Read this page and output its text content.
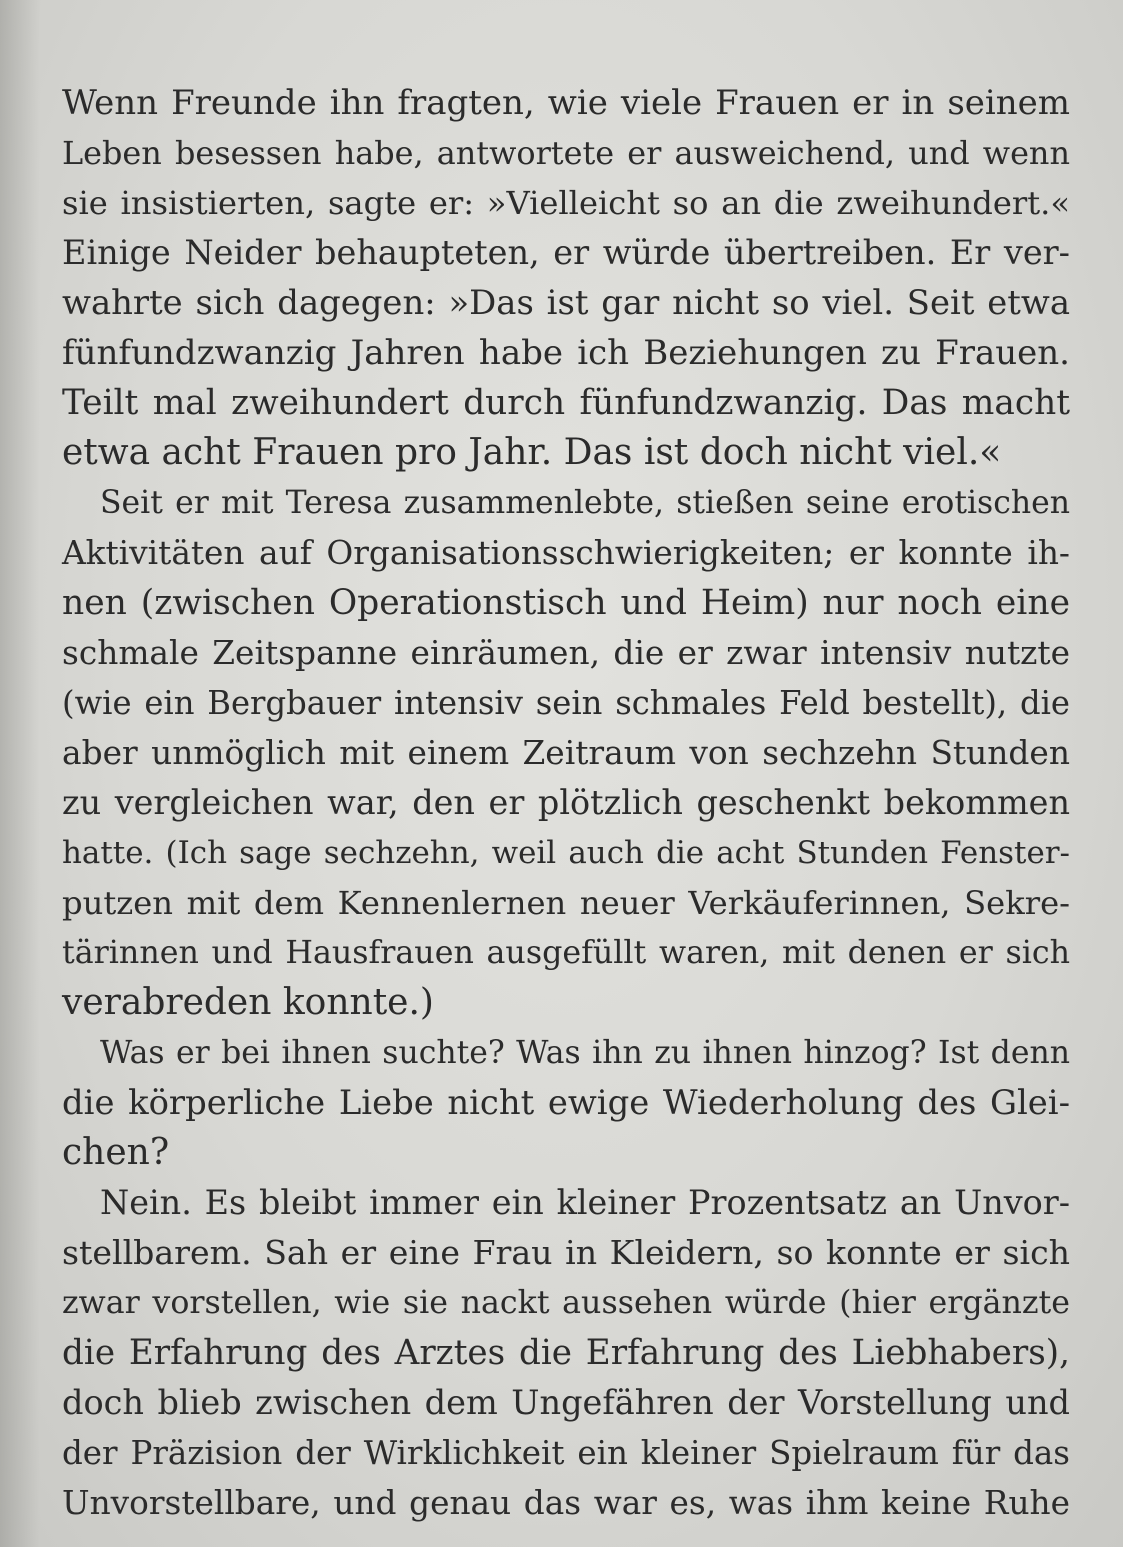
Wenn Freunde ihn fragten, wie viele Frauen er in seinem
Leben besessen habe, antwortete er ausweichend, und wenn
sie insistierten, sagte er: »Vielleicht so an die zweihundert.«
Einige Neider behaupteten, er würde übertreiben. Er ver-
wahrte sich dagegen: »Das ist gar nicht so viel. Seit etwa
fünfundzwanzig Jahren habe ich Beziehungen zu Frauen.
Teilt mal zweihundert durch fünfundzwanzig. Das macht
etwa acht Frauen pro Jahr. Das ist doch nicht viel.«
Seit er mit Teresa zusammenlebte, stießen seine erotischen
Aktivitäten auf Organisationsschwierigkeiten; er konnte ih-
nen (zwischen Operationstisch und Heim) nur noch eine
schmale Zeitspanne einräumen, die er zwar intensiv nutzte
(wie ein Bergbauer intensiv sein schmales Feld bestellt), die
aber unmöglich mit einem Zeitraum von sechzehn Stunden
zu vergleichen war, den er plötzlich geschenkt bekommen
hatte. (Ich sage sechzehn, weil auch die acht Stunden Fenster-
putzen mit dem Kennenlernen neuer Verkäuferinnen, Sekre-
tärinnen und Hausfrauen ausgefüllt waren, mit denen er sich
verabreden konnte.)
Was er bei ihnen suchte? Was ihn zu ihnen hinzog? Ist denn
die körperliche Liebe nicht ewige Wiederholung des Glei-
chen?
Nein. Es bleibt immer ein kleiner Prozentsatz an Unvor-
stellbarem. Sah er eine Frau in Kleidern, so konnte er sich
zwar vorstellen, wie sie nackt aussehen würde (hier ergänzte
die Erfahrung des Arztes die Erfahrung des Liebhabers),
doch blieb zwischen dem Ungefähren der Vorstellung und
der Präzision der Wirklichkeit ein kleiner Spielraum für das
Unvorstellbare, und genau das war es, was ihm keine Ruhe
